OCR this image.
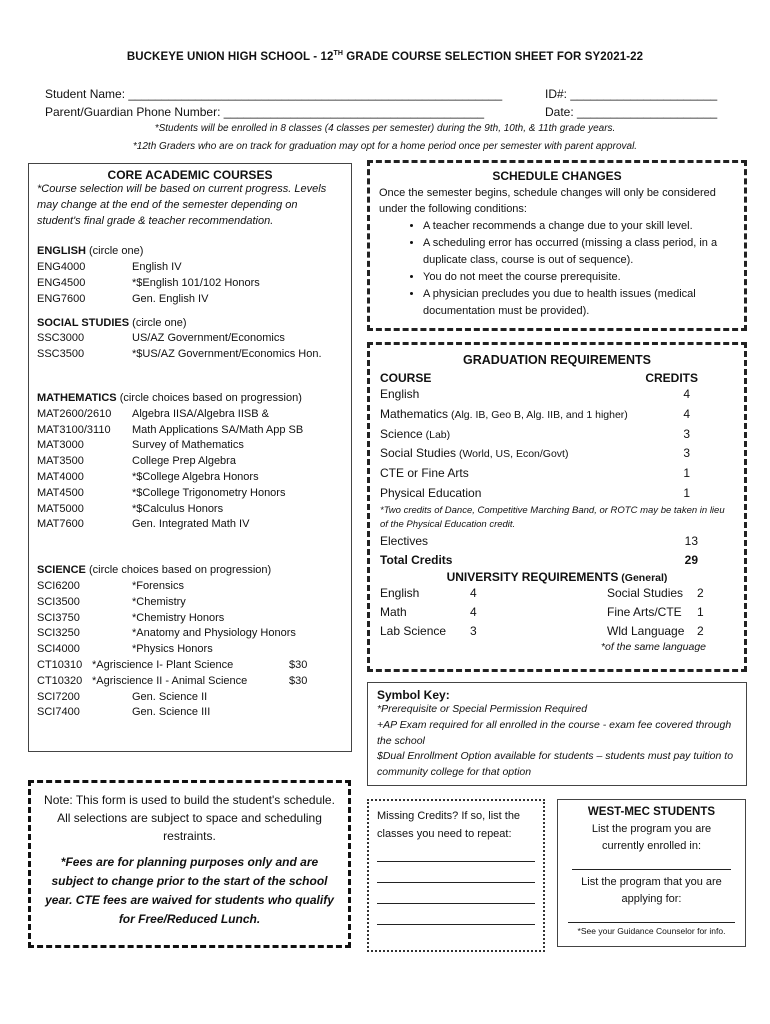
BUCKEYE UNION HIGH SCHOOL - 12TH GRADE COURSE SELECTION SHEET FOR SY2021-22
Student Name: ________________________________________________________	ID#: ______________________
Parent/Guardian Phone Number: _______________________________________	Date: _____________________
*Students will be enrolled in 8 classes (4 classes per semester) during the 9th, 10th, & 11th grade years.
*12th Graders who are on track for graduation may opt for a home period once per semester with parent approval.
CORE ACADEMIC COURSES
*Course selection will be based on current progress. Levels may change at the end of the semester depending on student's final grade & teacher recommendation.
ENGLISH (circle one)
ENG4000	English IV
ENG4500	*$English 101/102 Honors
ENG7600	Gen. English IV
SOCIAL STUDIES (circle one)
SSC3000	US/AZ Government/Economics
SSC3500	*$US/AZ Government/Economics Hon.
MATHEMATICS (circle choices based on progression)
MAT2600/2610	Algebra IISA/Algebra IISB &
MAT3100/3110	Math Applications SA/Math App SB
MAT3000	Survey of Mathematics
MAT3500	College Prep Algebra
MAT4000	*$College Algebra Honors
MAT4500	*$College Trigonometry Honors
MAT5000	*$Calculus Honors
MAT7600	Gen. Integrated Math IV
SCIENCE (circle choices based on progression)
SCI6200	*Forensics
SCI3500	*Chemistry
SCI3750	*Chemistry Honors
SCI3250	*Anatomy and Physiology Honors
SCI4000	*Physics Honors
CT10310 *Agriscience I- Plant Science	$30
CT10320 *Agriscience II - Animal Science	$30
SCI7200	Gen. Science II
SCI7400	Gen. Science III
SCHEDULE CHANGES
Once the semester begins, schedule changes will only be considered under the following conditions:
• A teacher recommends a change due to your skill level.
• A scheduling error has occurred (missing a class period, in a duplicate class, course is out of sequence).
• You do not meet the course prerequisite.
• A physician precludes you due to health issues (medical documentation must be provided).
GRADUATION REQUIREMENTS
COURSE	CREDITS
English	4
Mathematics (Alg. IB, Geo B, Alg. IIB, and 1 higher)	4
Science (Lab)	3
Social Studies (World, US, Econ/Govt)	3
CTE or Fine Arts	1
Physical Education	1
*Two credits of Dance, Competitive Marching Band, or ROTC may be taken in lieu of the Physical Education credit.
Electives	13
Total Credits	29
UNIVERSITY REQUIREMENTS (General)
English	4	Social Studies	2
Math	4	Fine Arts/CTE	1
Lab Science	3	Wld Language	2
*of the same language
Symbol Key:
*Prerequisite or Special Permission Required
+AP Exam required for all enrolled in the course - exam fee covered through the school
$Dual Enrollment Option available for students – students must pay tuition to community college for that option
Note: This form is used to build the student's schedule. All selections are subject to space and scheduling restraints.
*Fees are for planning purposes only and are subject to change prior to the start of the school year. CTE fees are waived for students who qualify for Free/Reduced Lunch.
Missing Credits? If so, list the classes you need to repeat:
WEST-MEC STUDENTS
List the program you are currently enrolled in:
List the program that you are applying for:
*See your Guidance Counselor for info.
